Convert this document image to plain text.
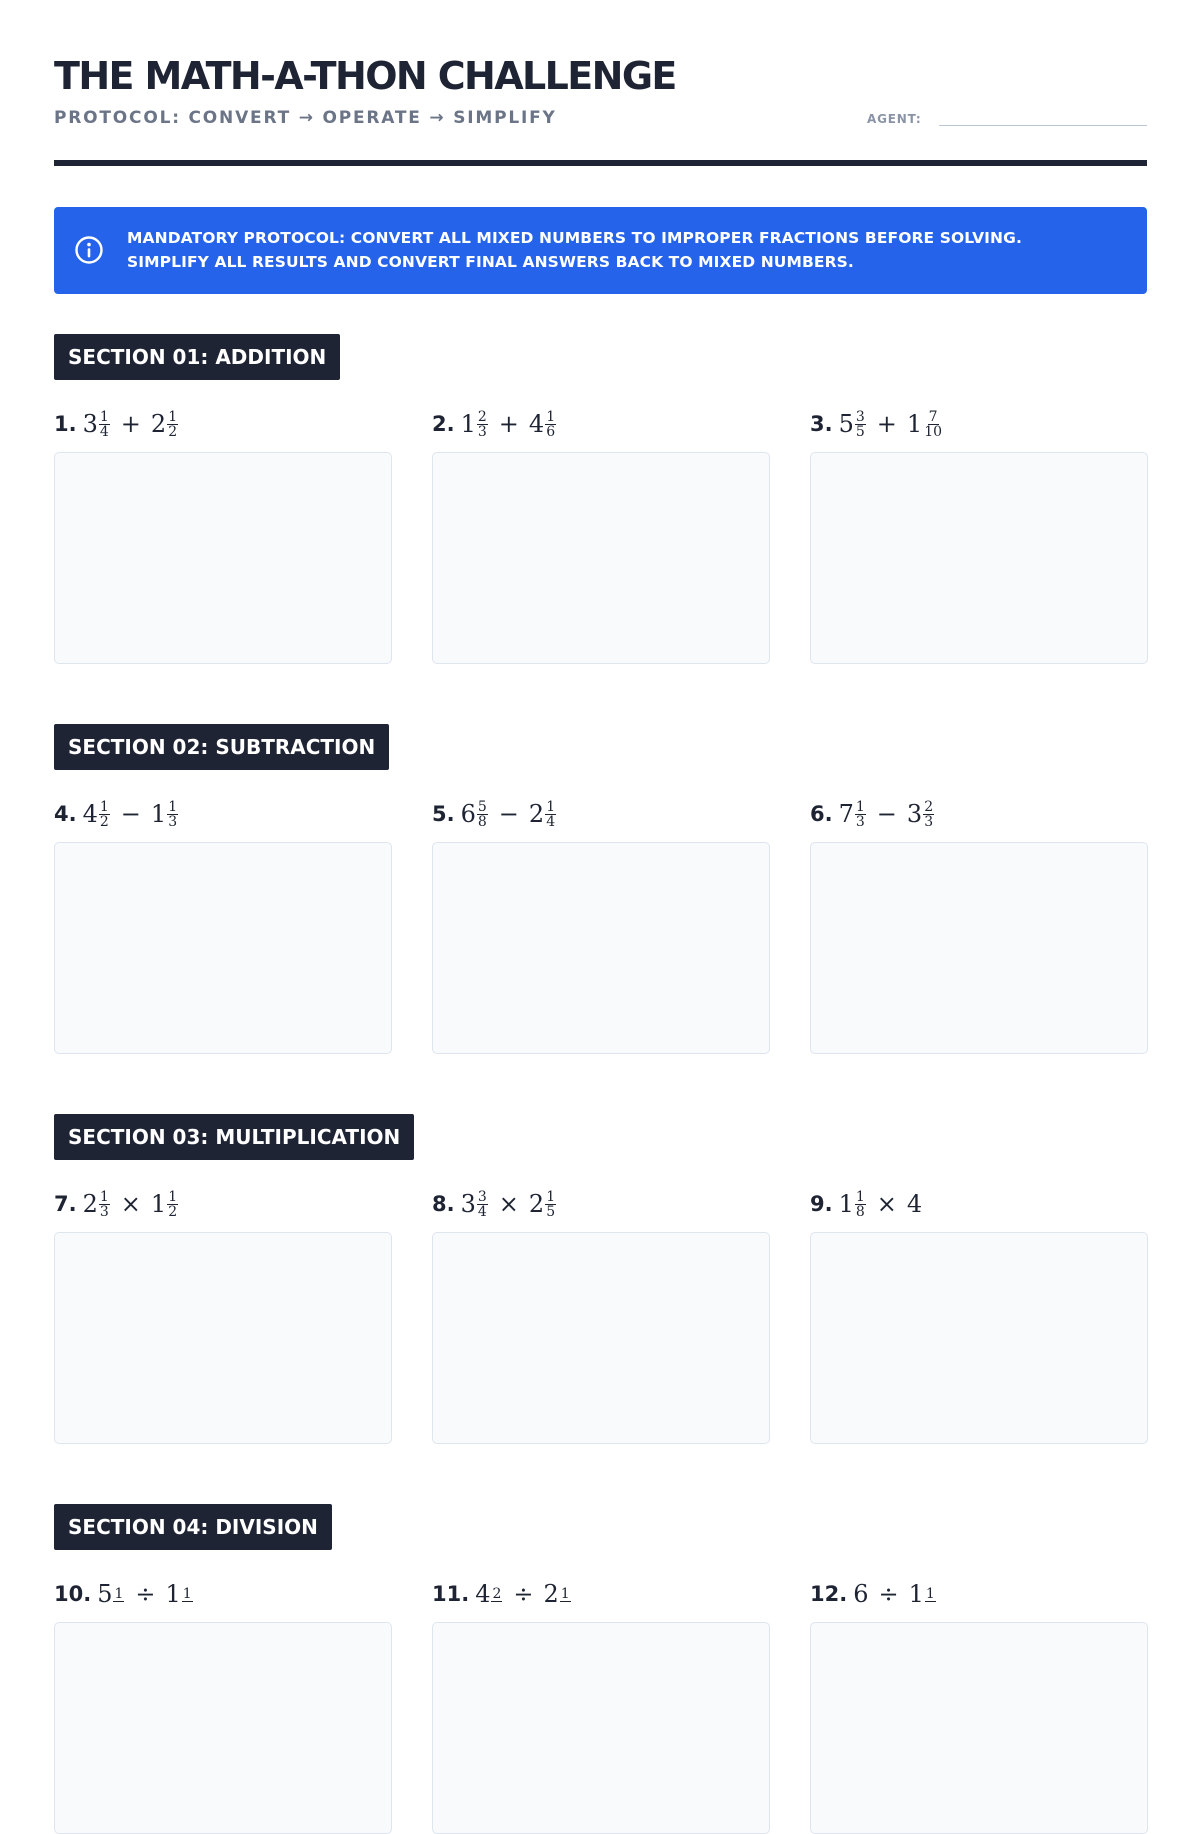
THE MATH-A-THON CHALLENGE
PROTOCOL: CONVERT → OPERATE → SIMPLIFY	AGENT:
MANDATORY PROTOCOL: CONVERT ALL MIXED NUMBERS TO IMPROPER FRACTIONS BEFORE SOLVING.
SIMPLIFY ALL RESULTS AND CONVERT FINAL ANSWERS BACK TO MIXED NUMBERS.
SECTION 01: ADDITION
1. $3 \frac{1}{4} + 2 \frac{1}{2}$	2. $1 \frac{2}{3} + 4 \frac{1}{6}$	3. $5 \frac{3}{5} + 1 \frac{7}{10}$
SECTION 02: SUBTRACTION
4. $4 \frac{1}{2} - 1 \frac{1}{3}$	5. $6 \frac{5}{8} - 2 \frac{1}{4}$	6. $7 \frac{1}{3} - 3 \frac{2}{3}$
SECTION 03: MULTIPLICATION
7. $2 \frac{1}{3} \times 1 \frac{1}{2}$	8. $3 \frac{3}{4} \times 2 \frac{1}{5}$	9. $1 \frac{1}{8} \times 4$
SECTION 04: DIVISION
10. 5 1 ÷ 1 1	11. 4 2 ÷ 2 1	12. 6 ÷ 1 1
